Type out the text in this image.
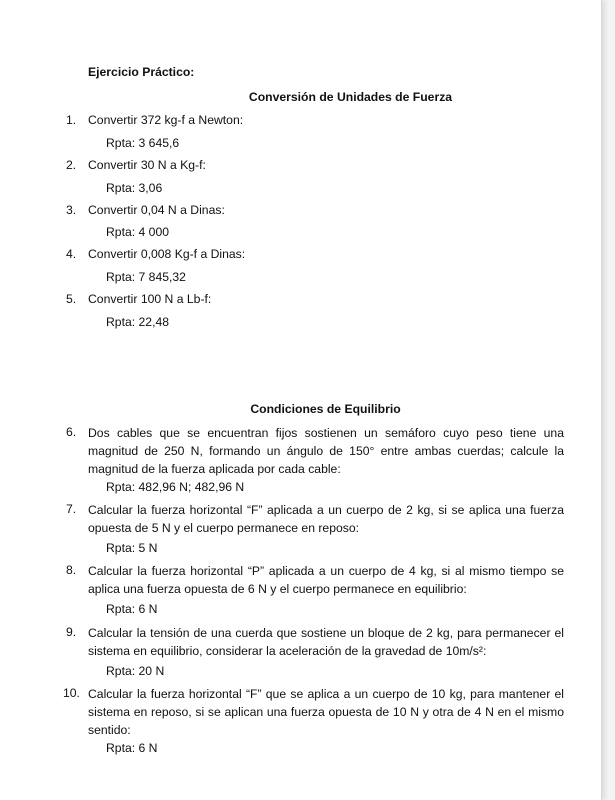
Ejercicio Práctico:
Conversión de Unidades de Fuerza
1. Convertir 372 kg-f a Newton:
Rpta: 3 645,6
2. Convertir 30 N a Kg-f:
Rpta: 3,06
3. Convertir 0,04 N a Dinas:
Rpta: 4 000
4. Convertir 0,008 Kg-f a Dinas:
Rpta: 7 845,32
5. Convertir 100 N a Lb-f:
Rpta: 22,48
Condiciones de Equilibrio
6. Dos cables que se encuentran fijos sostienen un semáforo cuyo peso tiene una magnitud de 250 N, formando un ángulo de 150° entre ambas cuerdas; calcule la magnitud de la fuerza aplicada por cada cable:
Rpta: 482,96 N; 482,96 N
7. Calcular la fuerza horizontal “F” aplicada a un cuerpo de 2 kg, si se aplica una fuerza opuesta de 5 N y el cuerpo permanece en reposo:
Rpta: 5 N
8. Calcular la fuerza horizontal “P” aplicada a un cuerpo de 4 kg, si al mismo tiempo se aplica una fuerza opuesta de 6 N y el cuerpo permanece en equilibrio:
Rpta: 6 N
9. Calcular la tensión de una cuerda que sostiene un bloque de 2 kg, para permanecer el sistema en equilibrio, considerar la aceleración de la gravedad de 10m/s²:
Rpta: 20 N
10. Calcular la fuerza horizontal “F” que se aplica a un cuerpo de 10 kg, para mantener el sistema en reposo, si se aplican una fuerza opuesta de 10 N y otra de 4 N en el mismo sentido:
Rpta: 6 N
